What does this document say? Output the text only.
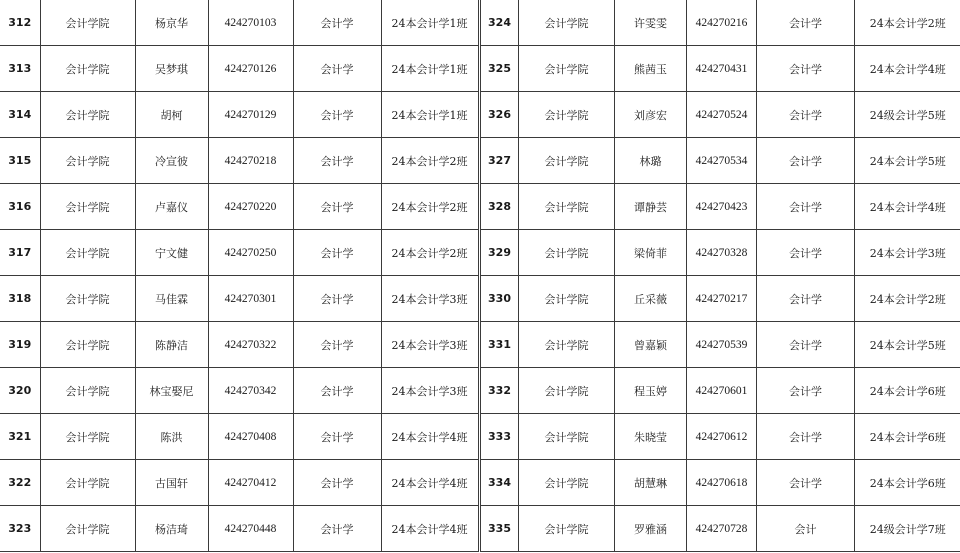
312	会计学院	杨京华	424270103	会计学	24本会计学1班
313	会计学院	吴梦琪	424270126	会计学	24本会计学1班
314	会计学院	胡柯	424270129	会计学	24本会计学1班
315	会计学院	冷宣彼	424270218	会计学	24本会计学2班
316	会计学院	卢嘉仪	424270220	会计学	24本会计学2班
317	会计学院	宁文健	424270250	会计学	24本会计学2班
318	会计学院	马佳霖	424270301	会计学	24本会计学3班
319	会计学院	陈静洁	424270322	会计学	24本会计学3班
320	会计学院	林宝娶尼	424270342	会计学	24本会计学3班
321	会计学院	陈洪	424270408	会计学	24本会计学4班
322	会计学院	古国轩	424270412	会计学	24本会计学4班
323	会计学院	杨洁琦	424270448	会计学	24本会计学4班
324	会计学院	许雯雯	424270216	会计学	24本会计学2班
325	会计学院	熊茜玉	424270431	会计学	24本会计学4班
326	会计学院	刘彦宏	424270524	会计学	24级会计学5班
327	会计学院	林璐	424270534	会计学	24本会计学5班
328	会计学院	谭静芸	424270423	会计学	24本会计学4班
329	会计学院	梁倚菲	424270328	会计学	24本会计学3班
330	会计学院	丘采薇	424270217	会计学	24本会计学2班
331	会计学院	曾嘉颖	424270539	会计学	24本会计学5班
332	会计学院	程玉婷	424270601	会计学	24本会计学6班
333	会计学院	朱晓莹	424270612	会计学	24本会计学6班
334	会计学院	胡慧琳	424270618	会计学	24本会计学6班
335	会计学院	罗雅涵	424270728	会计	24级会计学7班
